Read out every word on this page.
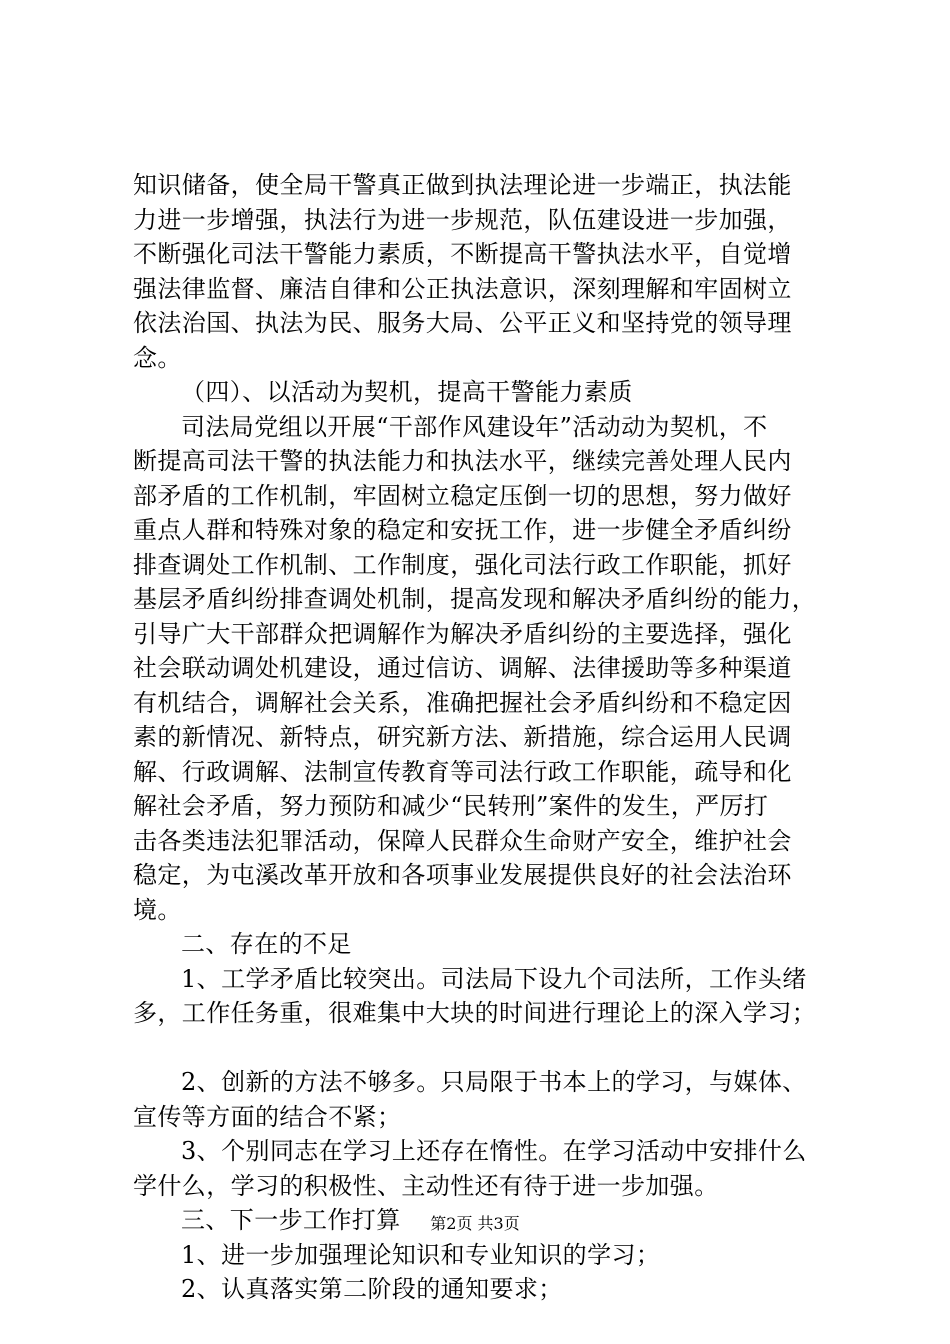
知识储备，使全局干警真正做到执法理论进一步端正，执法能
力进一步增强，执法行为进一步规范，队伍建设进一步加强，
不断强化司法干警能力素质，不断提高干警执法水平，自觉增
强法律监督、廉洁自律和公正执法意识，深刻理解和牢固树立
依法治国、执法为民、服务大局、公平正义和坚持党的领导理
念。
（四）、以活动为契机，提高干警能力素质
司法局党组以开展“干部作风建设年”活动动为契机，不
断提高司法干警的执法能力和执法水平，继续完善处理人民内
部矛盾的工作机制，牢固树立稳定压倒一切的思想，努力做好
重点人群和特殊对象的稳定和安抚工作，进一步健全矛盾纠纷
排查调处工作机制、工作制度，强化司法行政工作职能，抓好
基层矛盾纠纷排查调处机制，提高发现和解决矛盾纠纷的能力，
引导广大干部群众把调解作为解决矛盾纠纷的主要选择，强化
社会联动调处机建设，通过信访、调解、法律援助等多种渠道
有机结合，调解社会关系，准确把握社会矛盾纠纷和不稳定因
素的新情况、新特点，研究新方法、新措施，综合运用人民调
解、行政调解、法制宣传教育等司法行政工作职能，疏导和化
解社会矛盾，努力预防和减少“民转刑”案件的发生，严厉打
击各类违法犯罪活动，保障人民群众生命财产安全，维护社会
稳定，为屯溪改革开放和各项事业发展提供良好的社会法治环
境。
二、存在的不足
1、工学矛盾比较突出。司法局下设九个司法所，工作头绪
多，工作任务重，很难集中大块的时间进行理论上的深入学习；
2、创新的方法不够多。只局限于书本上的学习，与媒体、
宣传等方面的结合不紧；
3、个别同志在学习上还存在惰性。在学习活动中安排什么
学什么，学习的积极性、主动性还有待于进一步加强。
三、下一步工作打算
1、进一步加强理论知识和专业知识的学习；
2、认真落实第二阶段的通知要求；
第2页 共3页
